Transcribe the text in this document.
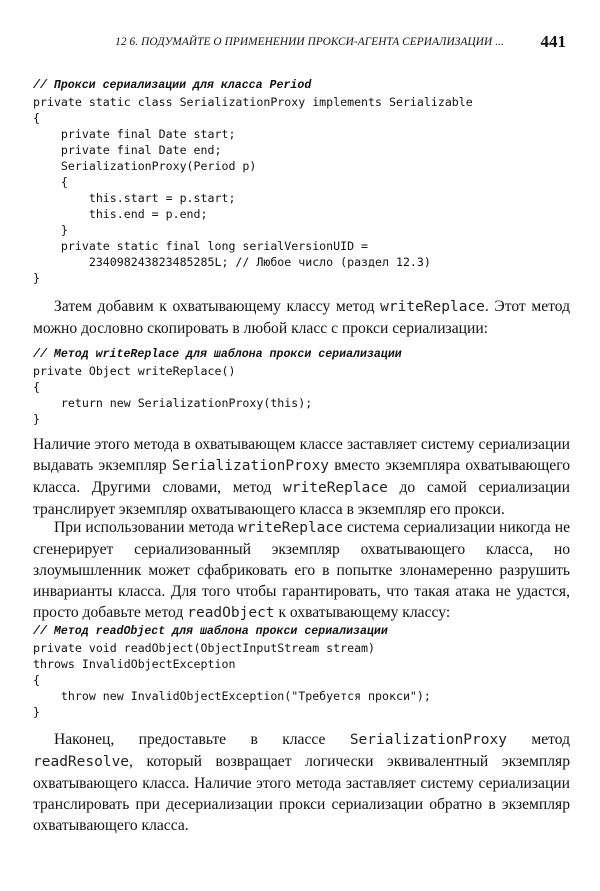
12 6. ПОДУМАЙТЕ О ПРИМЕНЕНИИ ПРОКСИ-АГЕНТА СЕРИАЛИЗАЦИИ ... 441
// Прокси сериализации для класса Period
private static class SerializationProxy implements Serializable
{
private final Date start;
private final Date end;
SerializationProxy(Period p)
{
this.start = p.start;
this.end = p.end;
}
private static final long serialVersionUID =
234098243823485285L; // Любое число (раздел 12.3)
}

Затем добавим к охватывающему классу метод writeReplace. Этот метод можно дословно скопировать в любой класс с прокси сериализации:

// Метод writeReplace для шаблона прокси сериализации
private Object writeReplace()
{
return new SerializationProxy(this);
}

Наличие этого метода в охватывающем классе заставляет систему сериализации выдавать экземпляр SerializationProxy вместо экземпляра охватывающего класса. Другими словами, метод writeReplace до самой сериализации транслирует экземпляр охватывающего класса в экземпляр его прокси.

При использовании метода writeReplace система сериализации никогда не сгенерирует сериализованный экземпляр охватывающего класса, но злоумышленник может сфабриковать его в попытке злонамеренно разрушить инварианты класса. Для того чтобы гарантировать, что такая атака не удастся, просто добавьте метод readObject к охватывающему классу:

// Метод readObject для шаблона прокси сериализации
private void readObject(ObjectInputStream stream)
throws InvalidObjectException
{
throw new InvalidObjectException("Требуется прокси");
}

Наконец, предоставьте в классе SerializationProxy метод readResolve, который возвращает логически эквивалентный экземпляр охватывающего класса. Наличие этого метода заставляет систему сериализации транслировать при десериализации прокси сериализации обратно в экземпляр охватывающего класса.
